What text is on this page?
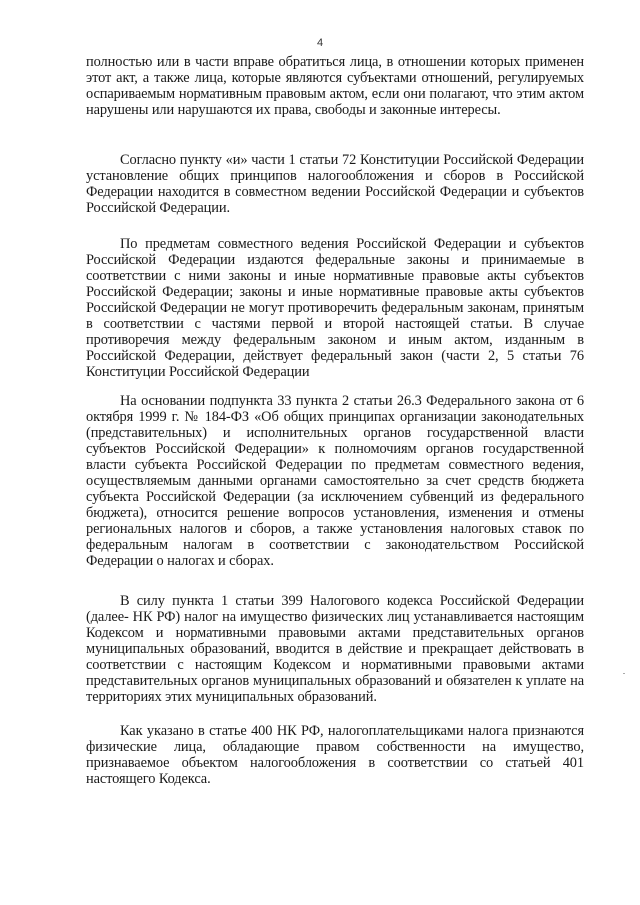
4

полностью или в части вправе обратиться лица, в отношении которых применен этот акт, а также лица, которые являются субъектами отношений, регулируемых оспариваемым нормативным правовым актом, если они полагают, что этим актом нарушены или нарушаются их права, свободы и законные интересы.

Согласно пункту «и» части 1 статьи 72 Конституции Российской Федерации установление общих принципов налогообложения и сборов в Российской Федерации находится в совместном ведении Российской Федерации и субъектов Российской Федерации.

По предметам совместного ведения Российской Федерации и субъектов Российской Федерации издаются федеральные законы и принимаемые в соответствии с ними законы и иные нормативные правовые акты субъектов Российской Федерации; законы и иные нормативные правовые акты субъектов Российской Федерации не могут противоречить федеральным законам, принятым в соответствии с частями первой и второй настоящей статьи. В случае противоречия между федеральным законом и иным актом, изданным в Российской Федерации, действует федеральный закон (части 2, 5 статьи 76 Конституции Российской Федерации

На основании подпункта 33 пункта 2 статьи 26.3 Федерального закона от 6 октября 1999 г. № 184-ФЗ «Об общих принципах организации законодательных (представительных) и исполнительных органов государственной власти субъектов Российской Федерации» к полномочиям органов государственной власти субъекта Российской Федерации по предметам совместного ведения, осуществляемым данными органами самостоятельно за счет средств бюджета субъекта Российской Федерации (за исключением субвенций из федерального бюджета), относится решение вопросов установления, изменения и отмены региональных налогов и сборов, а также установления налоговых ставок по федеральным налогам в соответствии с законодательством Российской Федерации о налогах и сборах.

В силу пункта 1 статьи 399 Налогового кодекса Российской Федерации (далее- НК РФ) налог на имущество физических лиц устанавливается настоящим Кодексом и нормативными правовыми актами представительных органов муниципальных образований, вводится в действие и прекращает действовать в соответствии с настоящим Кодексом и нормативными правовыми актами представительных органов муниципальных образований и обязателен к уплате на территориях этих муниципальных образований.

Как указано в статье 400 НК РФ, налогоплательщиками налога признаются физические лица, обладающие правом собственности на имущество, признаваемое объектом налогообложения в соответствии со статьей 401 настоящего Кодекса.
